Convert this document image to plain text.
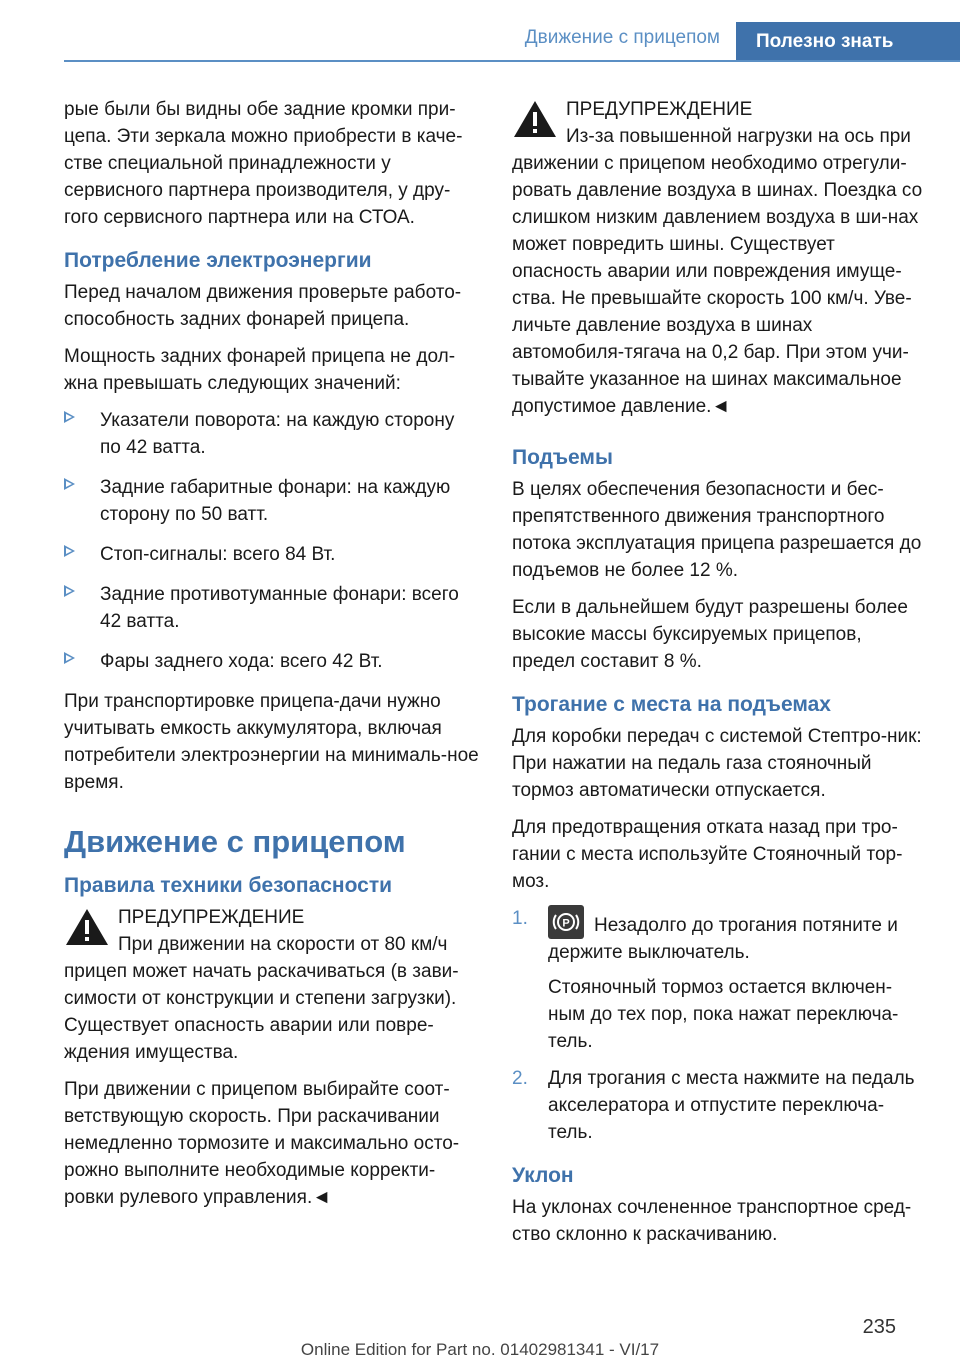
Движение с прицепом	Полезно знать

рые были бы видны обе задние кромки при-цепа. Эти зеркала можно приобрести в каче-стве специальной принадлежности у сервисного партнера производителя, у дру-гого сервисного партнера или на СТОА.

Потребление электроэнергии

Перед началом движения проверьте работо-способность задних фонарей прицепа.

Мощность задних фонарей прицепа не дол-жна превышать следующих значений:

Указатели поворота: на каждую сторону по 42 ватта.
Задние габаритные фонари: на каждую сторону по 50 ватт.
Стоп-сигналы: всего 84 Вт.
Задние противотуманные фонари: всего 42 ватта.
Фары заднего хода: всего 42 Вт.

При транспортировке прицепа-дачи нужно учитывать емкость аккумулятора, включая потребители электроэнергии на минималь-ное время.

Движение с прицепом
Правила техники безопасности
ПРЕДУПРЕЖДЕНИЕ

При движении на скорости от 80 км/ч прицеп может начать раскачиваться (в зави-симости от конструкции и степени загрузки). Существует опасность аварии или повре-ждения имущества.

При движении с прицепом выбирайте соот-ветствующую скорость. При раскачивании немедленно тормозите и максимально осто-рожно выполните необходимые корректи-ровки рулевого управления.◄

ПРЕДУПРЕЖДЕНИЕ

Из-за повышенной нагрузки на ось при движении с прицепом необходимо отрегули-ровать давление воздуха в шинах. Поездка со слишком низким давлением воздуха в ши-нах может повредить шины. Существует опасность аварии или повреждения имуще-ства. Не превышайте скорость 100 км/ч. Уве-личьте давление воздуха в шинах автомобиля-тягача на 0,2 бар. При этом учи-тывайте указанное на шинах максимальное допустимое давление.◄

Подъемы

В целях обеспечения безопасности и бес-препятственного движения транспортного потока эксплуатация прицепа разрешается до подъемов не более 12 %.

Если в дальнейшем будут разрешены более высокие массы буксируемых прицепов, предел составит 8 %.

Трогание с места на подъемах

Для коробки передач с системой Стептро-ник: При нажатии на педаль газа стояночный тормоз автоматически отпускается.

Для предотвращения отката назад при тро-гании с места используйте Стояночный тор-моз.

1.	P Незадолго до трогания потяните и держите выключатель.

Стояночный тормоз остается включен-ным до тех пор, пока нажат переключа-тель.

2. Для трогания с места нажмите на педаль акселератора и отпустите переключа-тель.
Уклон

На уклонах сочлененное транспортное сред-ство склонно к раскачиванию.

235
Online Edition for Part no. 01402981341 - VI/17
